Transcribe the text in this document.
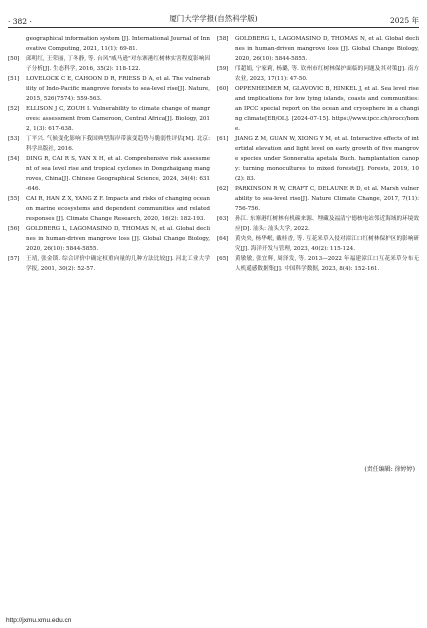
· 382 ·	厦门大学学报(自然科学版)	2025 年
geographical information system [J]. International Journal of Innovative Computing, 2021, 11(1): 69-81.
[50]	邱明红, 王荣丽, 丁冬静, 等. 台风"威马逊"对东寨港红树林实害程度影响因子分析[J]. 生态科学, 2016, 35(2): 118-122.
[51]	LOVELOCK C E, CAHOON D R, FRIESS D A, et al. The vulnerability of Indo-Pacific mangrove forests to sea-level rise[J]. Nature, 2015, 526(7574): 559-563.
[52]	ELLISON J C, ZOUH I. Vulnerability to climate change of mangroves: assessment from Cameroon, Central Africa[J]. Biology, 2012, 1(3): 617-638.
[53]	丁平兴. 气候变化影响下我国典型海岸带演变趋势与脆弱性评估[M]. 北京: 科学出版社, 2016.
[54]	DING R, CAI R S, YAN X H, et al. Comprehensive risk assessment of sea level rise and tropical cyclones in Dongzhaigang mangroves, China[J]. Chinese Geographical Science, 2024, 34(4): 631-646.
[55]	CAI R, HAN Z X, YANG Z F. Impacts and risks of changing ocean on marine ecosystems and dependent communities and related responses [J]. Climate Change Research, 2020, 16(2): 182-193.
[56]	GOLDBERG L, LAGOMASINO D, THOMAS N, et al. Global declines in human-driven mangrove loss [J]. Global Change Biology, 2020, 26(10): 5844-5855.
[57]	王靖, 张金锁. 综合评价中确定权重向量的几种方法比较[J]. 河北工业大学学报, 2001, 30(2): 52-57.
[58]	GOLDBERG L, LAGOMASINO D, THOMAS N, et al. Global declines in human-driven mangrove loss [J]. Global Change Biology, 2020, 26(10): 5844-5855.
[59]	邝超娟, 宁家莉, 杨璐, 等. 钦州市红树林保护面临的问题及其对策[J]. 南方农业, 2023, 17(11): 47-50.
[60]	OPPENHEIMER M, GLAVOVIC B, HINKEL J, et al. Sea level rise and implications for low lying islands, coasts and communities: an IPCC special report on the ocean and cryosphere in a changing climate[EB/OL]. [2024-07-15]. https://www.ipcc.ch/srocc/home.
[61]	JIANG Z M, GUAN W, XIONG Y M, et al. Interactive effects of intertidal elevation and light level on early growth of five mangrove species under Sonneratia apetala Buch. hamplantation canopy: turning monocultures to mixed forests[J]. Forests, 2019, 10(2): 83.
[62]	PARKINSON R W, CRAFT C, DELAUNE R D, et al. Marsh vulnerability to sea-level rise[J]. Nature Climate Change, 2017, 7(11): 756-756.
[63]	孙江. 东寨港红树林有机碳来源、埋藏及福清宁德核电站邻近海域的环境效应[D]. 汕头: 汕头大学, 2022.
[64]	黄央央, 杨华岷, 戴桂香, 等. 互花米草入侵对漳江口红树林保护区的影响研究[J]. 海洋开发与管理, 2023, 40(2): 115-124.
[65]	黄敏敏, 张宜辉, 周泽发, 等. 2013—2022 年福建漳江口互花米草分布无人机遥感数据集[J]. 中国科学数据, 2023, 8(4): 152-161.
(责任编辑: 徐婷婷)
http://jxmu.xmu.edu.cn
